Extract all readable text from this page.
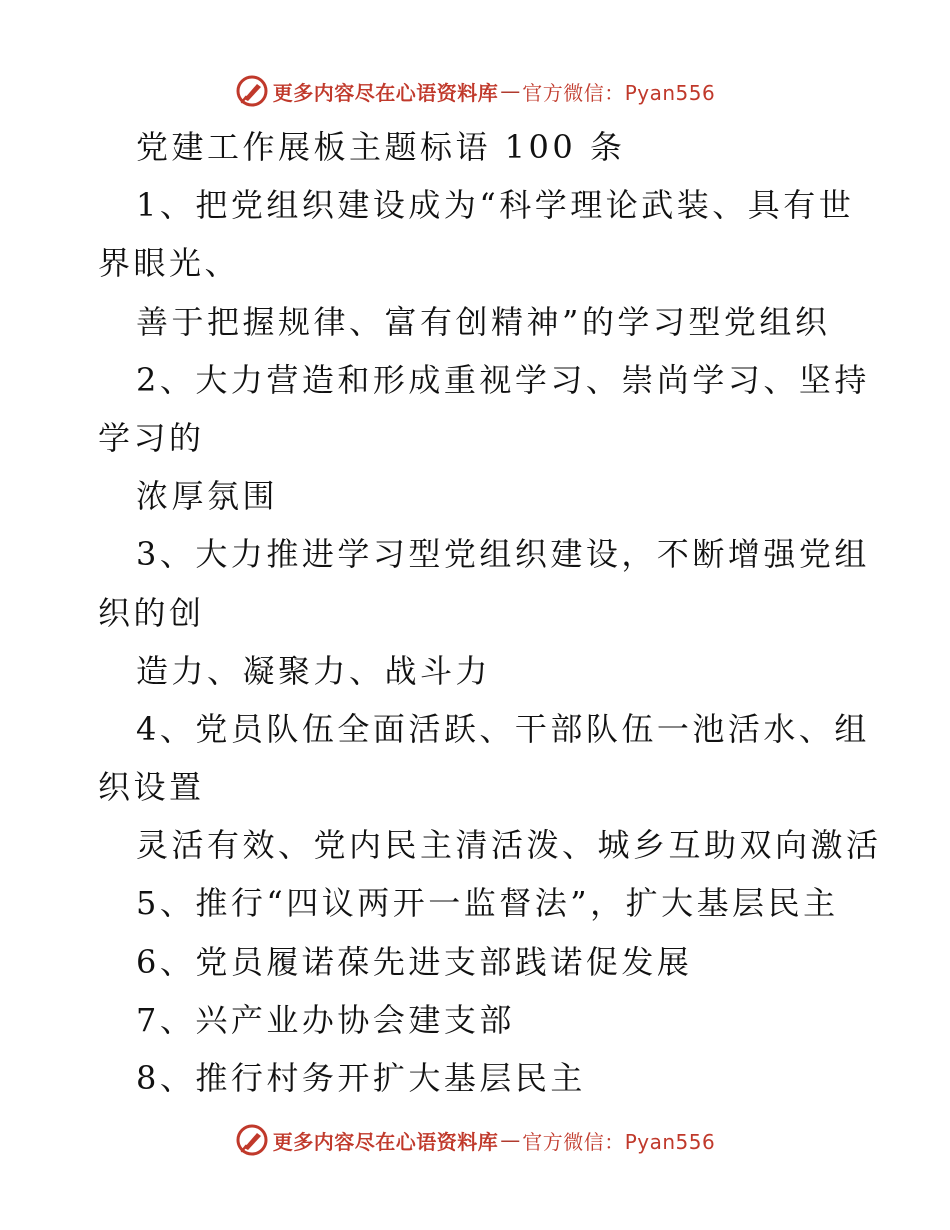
更多内容尽在心语资料库 — 官方微信：Pyan556
党建工作展板主题标语 100 条
1、把党组织建设成为“科学理论武装、具有世
界眼光、
善于把握规律、富有创精神”的学习型党组织
2、大力营造和形成重视学习、崇尚学习、坚持
学习的
浓厚氛围
3、大力推进学习型党组织建设，不断增强党组
织的创
造力、凝聚力、战斗力
4、党员队伍全面活跃、干部队伍一池活水、组
织设置
灵活有效、党内民主清活泼、城乡互助双向激活
5、推行“四议两开一监督法”，扩大基层民主
6、党员履诺葆先进支部践诺促发展
7、兴产业办协会建支部
8、推行村务开扩大基层民主
更多内容尽在心语资料库 — 官方微信：Pyan556
